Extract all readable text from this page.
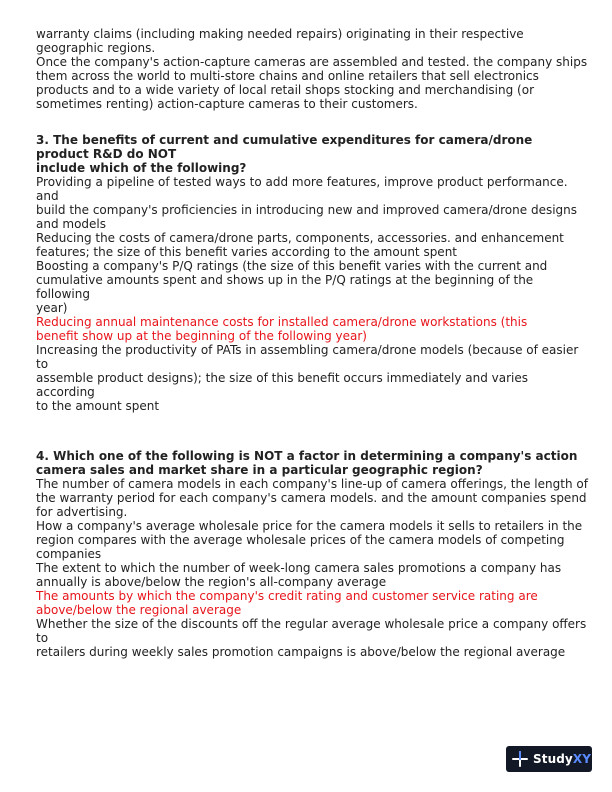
warranty claims (including making needed repairs) originating in their respective
geographic regions.
Once the company's action-capture cameras are assembled and tested. the company ships
them across the world to multi-store chains and online retailers that sell electronics
products and to a wide variety of local retail shops stocking and merchandising (or
sometimes renting) action-capture cameras to their customers.
3. The benefits of current and cumulative expenditures for camera/drone
product R&D do NOT
include which of the following?
Providing a pipeline of tested ways to add more features, improve product performance.
and
build the company's proficiencies in introducing new and improved camera/drone designs
and models
Reducing the costs of camera/drone parts, components, accessories. and enhancement
features; the size of this benefit varies according to the amount spent
Boosting a company's P/Q ratings (the size of this benefit varies with the current and
cumulative amounts spent and shows up in the P/Q ratings at the beginning of the
following
year)
Reducing annual maintenance costs for installed camera/drone workstations (this
benefit show up at the beginning of the following year)
Increasing the productivity of PATs in assembling camera/drone models (because of easier
to
assemble product designs); the size of this benefit occurs immediately and varies
according
to the amount spent
4. Which one of the following is NOT a factor in determining a company's action
camera sales and market share in a particular geographic region?
The number of camera models in each company's line-up of camera offerings, the length of
the warranty period for each company's camera models. and the amount companies spend
for advertising.
How a company's average wholesale price for the camera models it sells to retailers in the
region compares with the average wholesale prices of the camera models of competing
companies
The extent to which the number of week-long camera sales promotions a company has
annually is above/below the region's all-company average
The amounts by which the company's credit rating and customer service rating are
above/below the regional average
Whether the size of the discounts off the regular average wholesale price a company offers
to
retailers during weekly sales promotion campaigns is above/below the regional average
StudyXY
